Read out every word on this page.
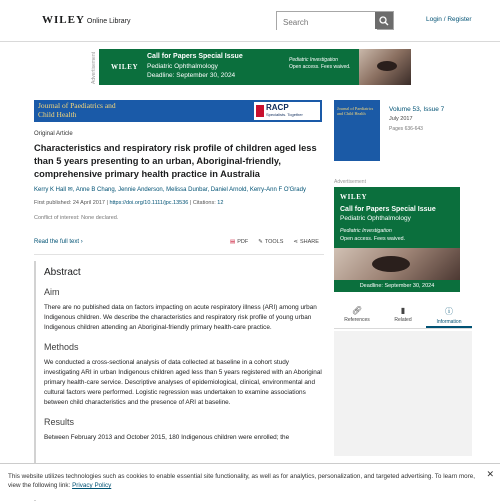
WILEY Online Library
Search	Login / Register
Advertisement WILEY
Call for Papers Special Issue
Pediatric Ophthalmology
Deadline: September 30, 2024
Pediatric Investigation
Open access. Fees waived.
Journal of Paediatrics and
Child Health
RACP
Specialists. Together
Original Article
Characteristics and respiratory risk profile of children aged less than 5 years presenting to an urban, Aboriginal-friendly, comprehensive primary health practice in Australia
Kerry K Hall ✉, Anne B Chang, Jennie Anderson, Melissa Dunbar, Daniel Arnold, Kerry-Ann F O'Grady
First published: 24 April 2017 | https://doi.org/10.1111/jpc.13536 | Citations: 12
Conflict of interest: None declared.
Read the full text ›	▤ PDF ✎ TOOLS ⋖ SHARE
Abstract
Aim
There are no published data on factors impacting on acute respiratory illness (ARI) among urban Indigenous children. We describe the characteristics and respiratory risk profile of young urban Indigenous children attending an Aboriginal-friendly primary health-care practice.
Methods
We conducted a cross-sectional analysis of data collected at baseline in a cohort study investigating ARI in urban Indigenous children aged less than 5 years registered with an Aboriginal primary health-care service. Descriptive analyses of epidemiological, clinical, environmental and cultural factors were performed. Logistic regression was undertaken to examine associations between child characteristics and the presence of ARI at baseline.
Results
Between February 2013 and October 2015, 180 Indigenous children were enrolled; the
Journal of Paediatrics and Child Health
Volume 53, Issue 7
July 2017
Pages 636-643
Advertisement
WILEY
Call for Papers Special Issue
Pediatric Ophthalmology
Pediatric Investigation
Open access. Fees waived.
Deadline: September 30, 2024
🔗︎
References
▮
Related
ⓘ
Information
This website utilizes technologies such as cookies to enable essential site functionality, as well as for analytics, personalization, and targeted advertising. To learn more, view the following link: Privacy Policy
✕
